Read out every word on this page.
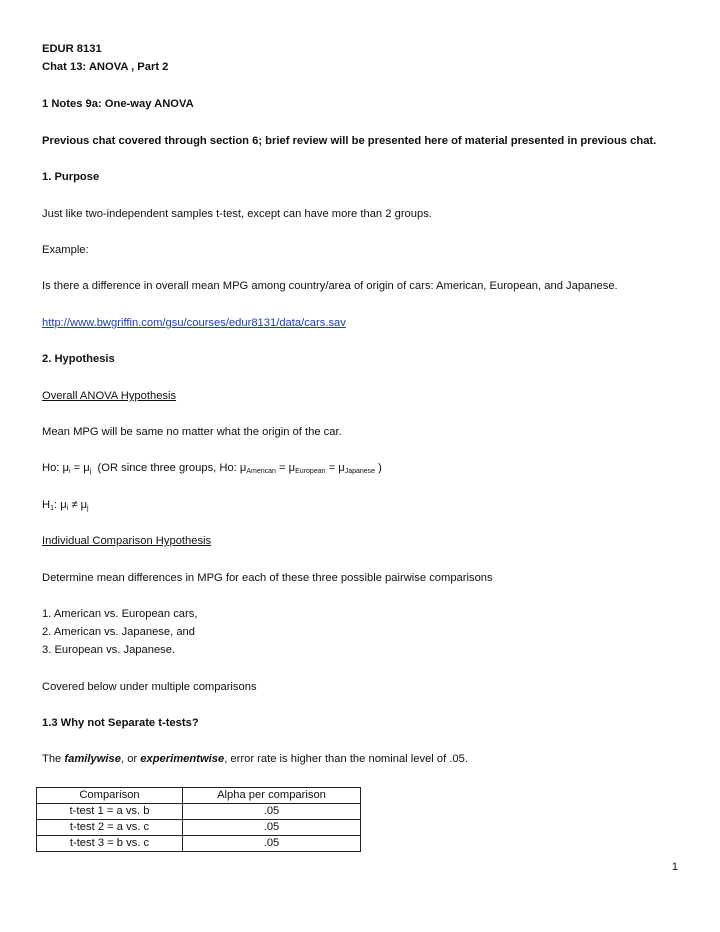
EDUR 8131
Chat 13: ANOVA , Part 2
1 Notes 9a: One-way ANOVA
Previous chat covered through section 6; brief review will be presented here of material presented in previous chat.
1. Purpose
Just like two-independent samples t-test, except can have more than 2 groups.
Example:
Is there a difference in overall mean MPG among country/area of origin of cars: American, European, and Japanese.
http://www.bwgriffin.com/gsu/courses/edur8131/data/cars.sav
2. Hypothesis
Overall ANOVA Hypothesis
Mean MPG will be same no matter what the origin of the car.
Ho: $\mu_i = \mu_j$  (OR since three groups, Ho: $\mu_{American} = \mu_{European} = \mu_{Japanese}$ )
$H_1$: $\mu_i \ne \mu_j$
Individual Comparison Hypothesis
Determine mean differences in MPG for each of these three possible pairwise comparisons
1. American vs. European cars,
2. American vs. Japanese, and
3. European vs. Japanese.
Covered below under multiple comparisons
1.3 Why not Separate t-tests?
The familywise, or experimentwise, error rate is higher than the nominal level of .05.
Comparison	Alpha per comparison
t-test 1 = a vs. b	.05
t-test 2 = a vs. c	.05
t-test 3 = b vs. c	.05
1
